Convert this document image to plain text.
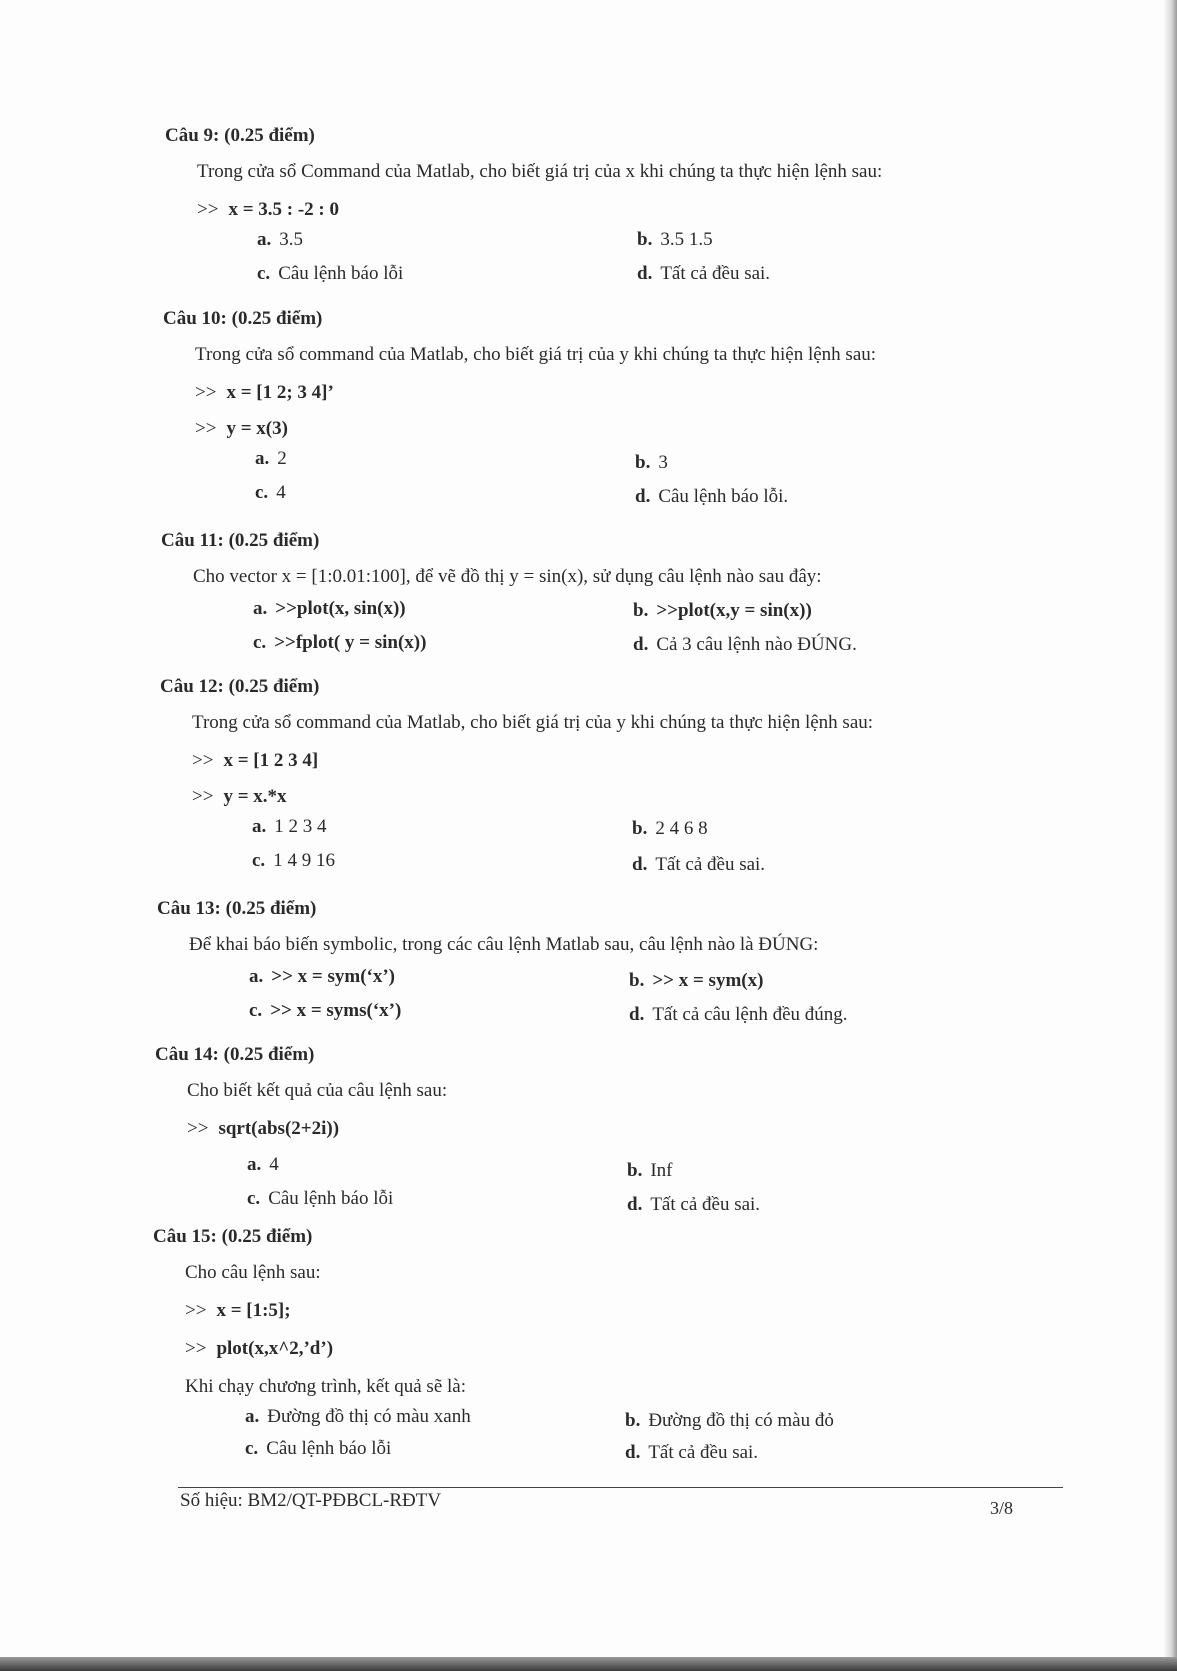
Câu 9: (0.25 điểm)
Trong cửa sổ Command của Matlab, cho biết giá trị của x khi chúng ta thực hiện lệnh sau:
>> x = 3.5 : -2 : 0
a. 3.5	b. 3.5 1.5
c. Câu lệnh báo lỗi	d. Tất cả đều sai.
Câu 10: (0.25 điểm)
Trong cửa sổ command của Matlab, cho biết giá trị của y khi chúng ta thực hiện lệnh sau:
>> x = [1 2; 3 4]’
>> y = x(3)
a. 2	b. 3
c. 4	d. Câu lệnh báo lỗi.
Câu 11: (0.25 điểm)
Cho vector x = [1:0.01:100], để vẽ đồ thị y = sin(x), sử dụng câu lệnh nào sau đây:
a. >>plot(x, sin(x))	b. >>plot(x,y = sin(x))
c. >>fplot( y = sin(x))	d. Cả 3 câu lệnh nào ĐÚNG.
Câu 12: (0.25 điểm)
Trong cửa sổ command của Matlab, cho biết giá trị của y khi chúng ta thực hiện lệnh sau:
>> x = [1 2 3 4]
>> y = x.*x
a. 1 2 3 4	b. 2 4 6 8
c. 1 4 9 16	d. Tất cả đều sai.
Câu 13: (0.25 điểm)
Để khai báo biến symbolic, trong các câu lệnh Matlab sau, câu lệnh nào là ĐÚNG:
a. >> x = sym(‘x’)	b. >> x = sym(x)
c. >> x = syms(‘x’)	d. Tất cả câu lệnh đều đúng.
Câu 14: (0.25 điểm)
Cho biết kết quả của câu lệnh sau:
>> sqrt(abs(2+2i))
a. 4	b. Inf
c. Câu lệnh báo lỗi	d. Tất cả đều sai.
Câu 15: (0.25 điểm)
Cho câu lệnh sau:
>> x = [1:5];
>> plot(x,x^2,’d’)
Khi chạy chương trình, kết quả sẽ là:
a. Đường đồ thị có màu xanh	b. Đường đồ thị có màu đỏ
c. Câu lệnh báo lỗi	d. Tất cả đều sai.
Số hiệu: BM2/QT-PĐBCL-RĐTV	3/8
